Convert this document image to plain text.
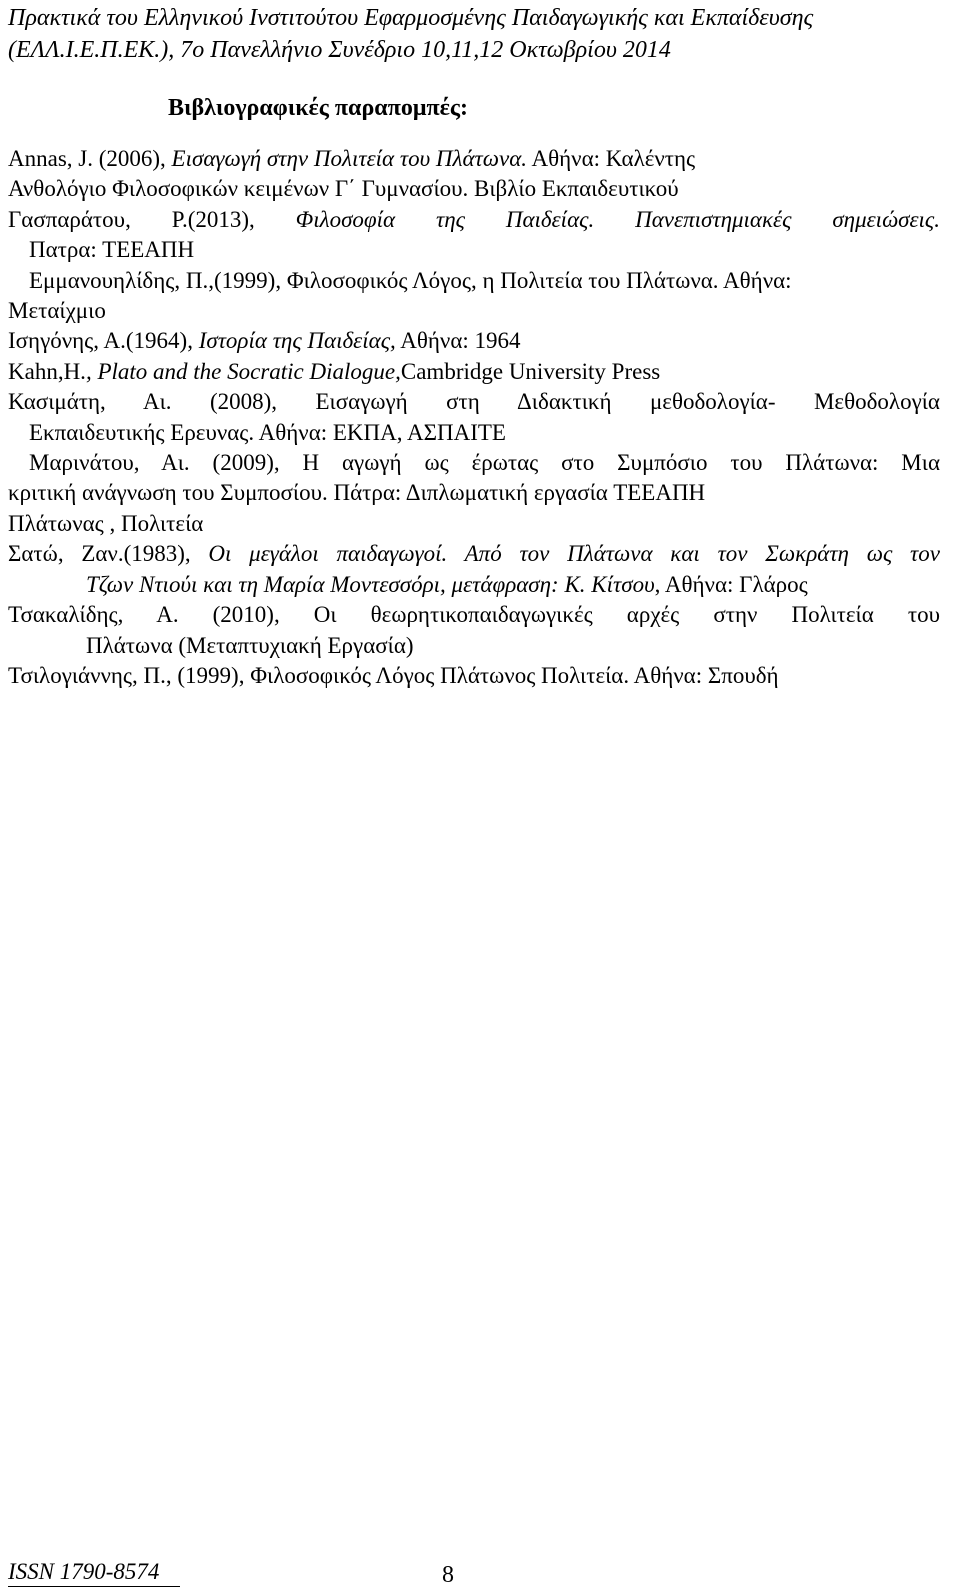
Πρακτικά του Ελληνικού Ινστιτούτου Εφαρμοσμένης Παιδαγωγικής και Εκπαίδευσης
(ΕΛΛ.Ι.Ε.Π.ΕΚ.), 7ο Πανελλήνιο Συνέδριο 10,11,12 Οκτωβρίου 2014
Βιβλιογραφικές παραπομπές:
Annas, J. (2006), Εισαγωγή στην Πολιτεία του Πλάτωνα. Αθήνα: Καλέντης
Ανθολόγιο Φιλοσοφικών κειμένων Γ΄ Γυμνασίου. Βιβλίο Εκπαιδευτικού
Γασπαράτου, Ρ.(2013), Φιλοσοφία της Παιδείας. Πανεπιστημιακές σημειώσεις.
Πατρα: ΤΕΕΑΠΗ
Εμμανουηλίδης, Π.,(1999), Φιλοσοφικός Λόγος, η Πολιτεία του Πλάτωνα. Αθήνα:
Μεταίχμιο
Ισηγόνης, Α.(1964), Ιστορία της Παιδείας, Αθήνα: 1964
Kahn,H., Plato and the Socratic Dialogue,Cambridge University Press
Κασιμάτη, Αι. (2008), Εισαγωγή στη Διδακτική μεθοδολογία- Μεθοδολογία
Εκπαιδευτικής Ερευνας. Αθήνα: ΕΚΠΑ, ΑΣΠΑΙΤΕ
Μαρινάτου, Αι. (2009), Η αγωγή ως έρωτας στο Συμπόσιο του Πλάτωνα: Μια
κριτική ανάγνωση του Συμποσίου. Πάτρα: Διπλωματική εργασία ΤΕΕΑΠΗ
Πλάτωνας , Πολιτεία
Σατώ, Ζαν.(1983), Οι μεγάλοι παιδαγωγοί. Από τον Πλάτωνα και τον Σωκράτη ως τον
Τζων Ντιούι και τη Μαρία Μοντεσσόρι, μετάφραση: Κ. Κίτσου, Αθήνα: Γλάρος
Τσακαλίδης, Α. (2010), Οι θεωρητικοπαιδαγωγικές αρχές στην Πολιτεία του
Πλάτωνα (Μεταπτυχιακή Εργασία)
Τσιλογιάννης, Π., (1999), Φιλοσοφικός Λόγος Πλάτωνος Πολιτεία. Αθήνα: Σπουδή
ISSN 1790-8574	8
